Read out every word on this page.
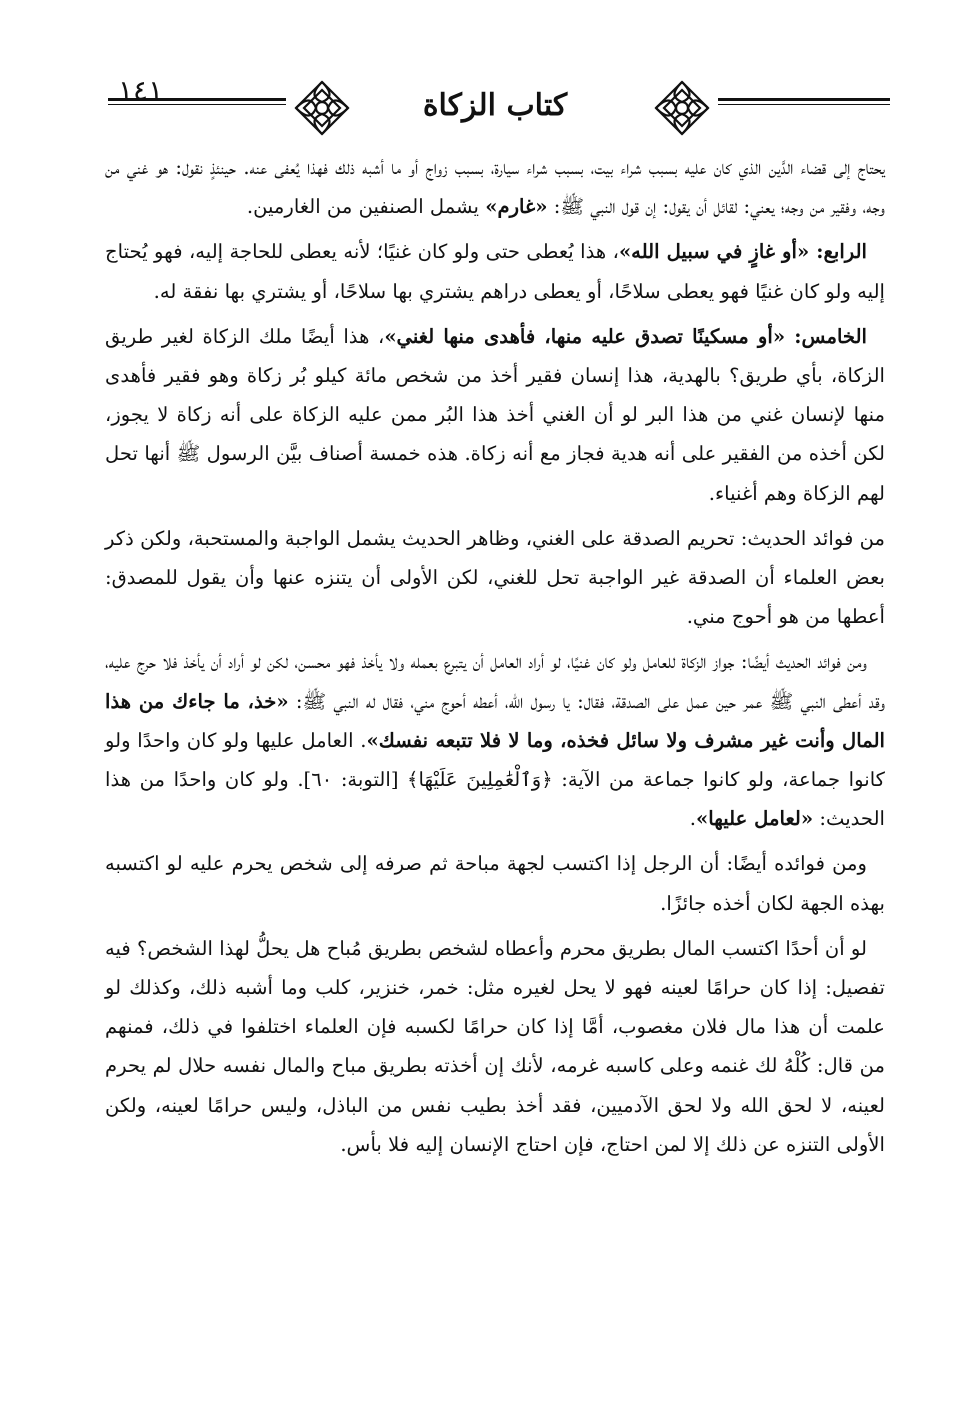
١٤١	كتاب الزكاة

يحتاج إلى قضاء الدَّين الذي كان عليه بسبب شراء بيت، بسبب شراء سيارة، بسبب زواج أو ما أشبه ذلك فهذا يُعفى عنه. حينئذٍ نقول: هو غني من وجه، وفقير من وجه؛ يعني: لقائل أن يقول: إن قول النبي ﷺ: «غارم» يشمل الصنفين من الغارمين.

الرابع: «أو غازٍ في سبيل الله»، هذا يُعطى حتى ولو كان غنيًا؛ لأنه يعطى للحاجة إليه، فهو يُحتاج إليه ولو كان غنيًا فهو يعطى سلاحًا، أو يعطى دراهم يشتري بها سلاحًا، أو يشتري بها نفقة له.

الخامس: «أو مسكينًا تصدق عليه منها، فأهدى منها لغني»، هذا أيضًا ملك الزكاة لغير طريق الزكاة، بأي طريق؟ بالهدية، هذا إنسان فقير أخذ من شخص مائة كيلو بُر زكاة وهو فقير فأهدى منها لإنسان غني من هذا البر لو أن الغني أخذ هذا البُر ممن عليه الزكاة على أنه زكاة لا يجوز، لكن أخذه من الفقير على أنه هدية فجاز مع أنه زكاة. هذه خمسة أصناف بيَّن الرسول ﷺ أنها تحل لهم الزكاة وهم أغنياء.

من فوائد الحديث: تحريم الصدقة على الغني، وظاهر الحديث يشمل الواجبة والمستحبة، ولكن ذكر بعض العلماء أن الصدقة غير الواجبة تحل للغني، لكن الأولى أن يتنزه عنها وأن يقول للمصدق: أعطها من هو أحوج مني.

ومن فوائد الحديث أيضًا: جواز الزكاة للعامل ولو كان غنيًا، لو أراد العامل أن يتبرع بعمله ولا يأخذ فهو محسن، لكن لو أراد أن يأخذ فلا حرج عليه، وقد أعطى النبي ﷺ عمر حين عمل على الصدقة، فقال: يا رسول الله، أعطه أحوج مني، فقال له النبي ﷺ: «خذ، ما جاءك من هذا المال وأنت غير مشرف ولا سائل فخذه، وما لا فلا تتبعه نفسك». العامل عليها ولو كان واحدًا ولو كانوا جماعة، ولو كانوا جماعة من الآية: ﴿وَٱلْعَٰمِلِينَ عَلَيْهَا﴾ [التوبة: ٦٠]. ولو كان واحدًا من هذا الحديث: «لعامل عليها».

ومن فوائده أيضًا: أن الرجل إذا اكتسب لجهة مباحة ثم صرفه إلى شخص يحرم عليه لو اكتسبه بهذه الجهة لكان أخذه جائزًا.

لو أن أحدًا اكتسب المال بطريق محرم وأعطاه لشخص بطريق مُباح هل يحلُّ لهذا الشخص؟ فيه تفصيل: إذا كان حرامًا لعينه فهو لا يحل لغيره مثل: خمر، خنزير، كلب وما أشبه ذلك، وكذلك لو علمت أن هذا مال فلان مغصوب، أمَّا إذا كان حرامًا لكسبه فإن العلماء اختلفوا في ذلك، فمنهم من قال: كُلْهُ لك غنمه وعلى كاسبه غرمه، لأنك إن أخذته بطريق مباح والمال نفسه حلال لم يحرم لعينه، لا لحق الله ولا لحق الآدميين، فقد أخذ بطيب نفس من الباذل، وليس حرامًا لعينه، ولكن الأولى التنزه عن ذلك إلا لمن احتاج، فإن احتاج الإنسان إليه فلا بأس.
